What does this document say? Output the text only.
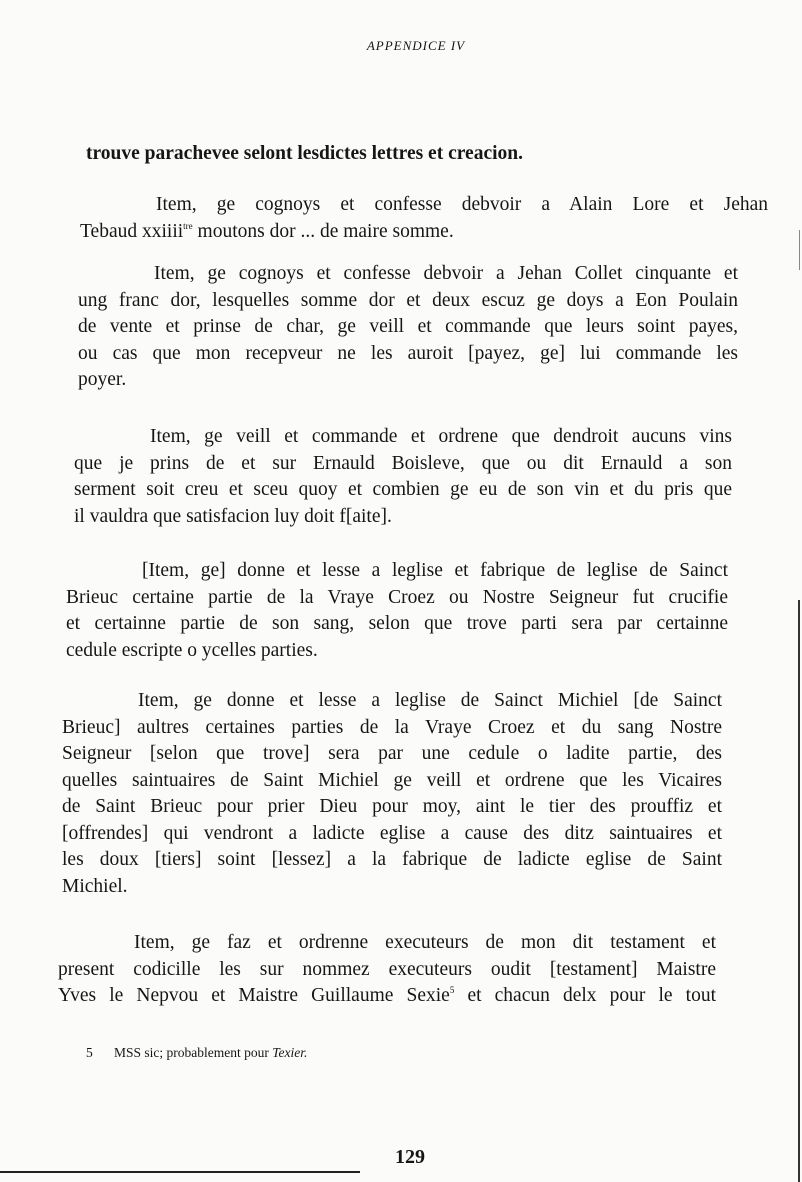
APPENDICE IV

trouve parachevee selont lesdictes lettres et creacion.

Item, ge cognoys et confesse debvoir a Alain Lore et Jehan
Tebaud xxiiii$^{tre}$ moutons dor ... de maire somme.

Item, ge cognoys et confesse debvoir a Jehan Collet cinquante et
ung franc dor, lesquelles somme dor et deux escuz ge doys a Eon Poulain
de vente et prinse de char, ge veill et commande que leurs soint payes,
ou cas que mon recepveur ne les auroit [payez, ge] lui commande les
poyer.

Item, ge veill et commande et ordrene que dendroit aucuns vins
que je prins de et sur Ernauld Boisleve, que ou dit Ernauld a son
serment soit creu et sceu quoy et combien ge eu de son vin et du pris que
il vauldra que satisfacion luy doit f[aite].

[Item, ge] donne et lesse a leglise et fabrique de leglise de Sainct
Brieuc certaine partie de la Vraye Croez ou Nostre Seigneur fut crucifie
et certainne partie de son sang, selon que trove parti sera par certainne
cedule escripte o ycelles parties.

Item, ge donne et lesse a leglise de Sainct Michiel [de Sainct
Brieuc] aultres certaines parties de la Vraye Croez et du sang Nostre
Seigneur [selon que trove] sera par une cedule o ladite partie, des
quelles saintuaires de Saint Michiel ge veill et ordrene que les Vicaires
de Saint Brieuc pour prier Dieu pour moy, aint le tier des prouffiz et
[offrendes] qui vendront a ladicte eglise a cause des ditz saintuaires et
les doux [tiers] soint [lessez] a la fabrique de ladicte eglise de Saint
Michiel.

Item, ge faz et ordrenne executeurs de mon dit testament et
present codicille les sur nommez executeurs oudit [testament] Maistre
Yves le Nepvou et Maistre Guillaume Sexie$^5$ et chacun delx pour le tout

5 MSS sic; probablement pour Texier.
129
